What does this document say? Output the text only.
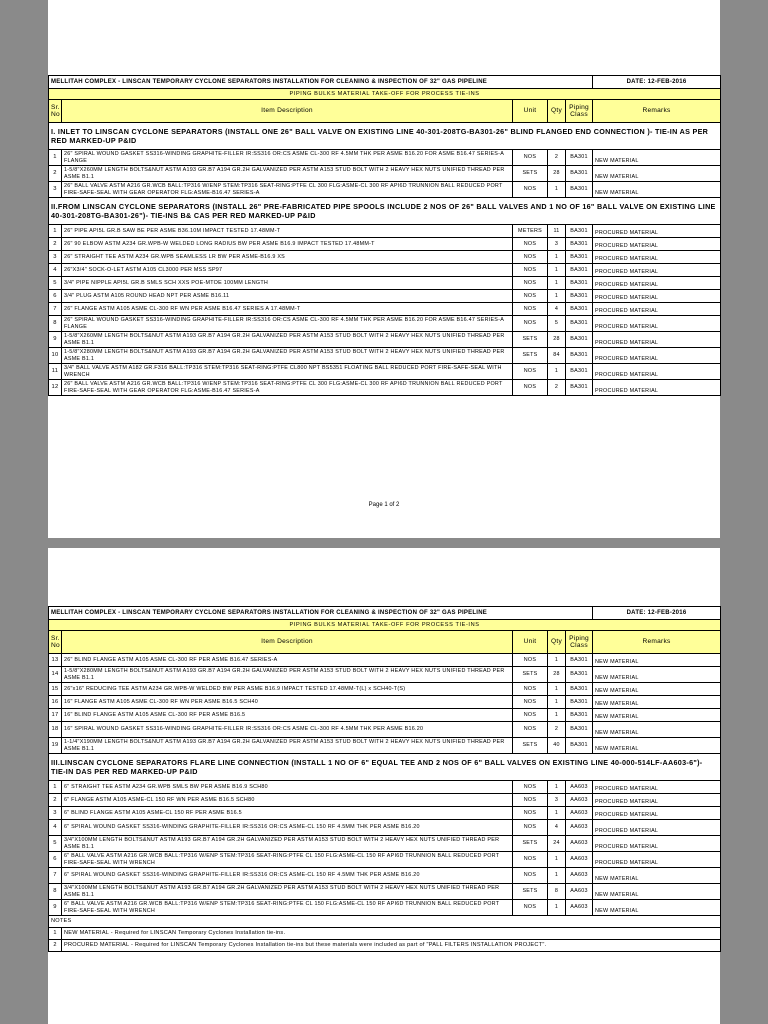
MELLITAH COMPLEX - LINSCAN TEMPORARY CYCLONE SEPARATORS INSTALLATION FOR CLEANING & INSPECTION OF 32" GAS PIPELINE					DATE: 12-FEB-2016
PIPING BULKS MATERIAL TAKE-OFF FOR PROCESS TIE-INS					
Sr. No	Item Description	Unit	Qty	Piping Class	Remarks
I. INLET TO LINSCAN CYCLONE SEPARATORS (INSTALL ONE 26" BALL VALVE ON EXISTING LINE 40-301-208TG-BA301-26" BLIND FLANGED END CONNECTION )- TIE-IN AS PER RED MARKED-UP P&ID					
1	26" SPIRAL WOUND GASKET SS316-WINDING GRAPHITE-FILLER IR:SS316 OR:CS ASME CL-300 RF 4.5MM THK PER ASME B16.20 FOR ASME B16.47 SERIES-A FLANGE	NOS	2	BA301	NEW MATERIAL
2	1-5/8"X260MM LENGTH BOLTS&NUT ASTM A193 GR.B7 A194 GR.2H GALVANIZED PER ASTM A153 STUD BOLT WITH 2 HEAVY HEX NUTS UNIFIED THREAD PER ASME B1.1	SETS	28	BA301	NEW MATERIAL
3	26" BALL VALVE ASTM A216 GR.WCB BALL:TP316 W/ENP STEM:TP316 SEAT-RING:PTFE CL 300 FLG:ASME-CL 300 RF API6D TRUNNION BALL REDUCED PORT FIRE-SAFE-SEAL WITH GEAR OPERATOR FLG:ASME-B16.47 SERIES-A	NOS	1	BA301	NEW MATERIAL
II.FROM LINSCAN CYCLONE SEPARATORS (INSTALL 26" PRE-FABRICATED PIPE SPOOLS INCLUDE 2 NOS OF 26" BALL VALVES AND 1 NO OF 16" BALL VALVE ON EXISTING LINE 40-301-208TG-BA301-26")- TIE-INS B& CAS PER RED MARKED-UP P&ID					
1	26" PIPE API5L GR.B SAW BE PER ASME B36.10M IMPACT TESTED 17.48MM-T	METERS	11	BA301	PROCURED MATERIAL
2	26" 90 ELBOW ASTM A234 GR.WPB-W WELDED LONG RADIUS BW PER ASME B16.9 IMPACT TESTED 17.48MM-T	NOS	3	BA301	PROCURED MATERIAL
3	26" STRAIGHT TEE ASTM A234 GR.WPB SEAMLESS LR BW PER ASME-B16.9 XS	NOS	1	BA301	PROCURED MATERIAL
4	26"X3/4" SOCK-O-LET ASTM A105 CL3000 PER MSS SP97	NOS	1	BA301	PROCURED MATERIAL
5	3/4" PIPE NIPPLE API5L GR.B SMLS SCH XXS POE-MTOE 100MM LENGTH	NOS	1	BA301	PROCURED MATERIAL
6	3/4" PLUG ASTM A105 ROUND HEAD NPT PER ASME B16.11	NOS	1	BA301	PROCURED MATERIAL
7	26" FLANGE ASTM A105 ASME CL-300 RF WN PER ASME B16.47 SERIES A 17.48MM-T	NOS	4	BA301	PROCURED MATERIAL
8	26" SPIRAL WOUND GASKET SS316-WINDING GRAPHITE-FILLER IR:SS316 OR:CS ASME CL-300 RF 4.5MM THK PER ASME B16.20 FOR ASME B16.47 SERIES-A FLANGE	NOS	5	BA301	PROCURED MATERIAL
9	1-5/8"X260MM LENGTH BOLTS&NUT ASTM A193 GR.B7 A194 GR.2H GALVANIZED PER ASTM A153 STUD BOLT WITH 2 HEAVY HEX NUTS UNIFIED THREAD PER ASME B1.1	SETS	28	BA301	PROCURED MATERIAL
10	1-5/8"X280MM LENGTH BOLTS&NUT ASTM A193 GR.B7 A194 GR.2H GALVANIZED PER ASTM A153 STUD BOLT WITH 2 HEAVY HEX NUTS UNIFIED THREAD PER ASME B1.1	SETS	84	BA301	PROCURED MATERIAL
11	3/4" BALL VALVE ASTM A182 GR.F316 BALL:TP316 STEM:TP316 SEAT-RING:PTFE CL800 NPT BS5351 FLOATING BALL REDUCED PORT FIRE-SAFE-SEAL WITH WRENCH	NOS	1	BA301	PROCURED MATERIAL
12	26" BALL VALVE ASTM A216 GR.WCB BALL:TP316 W/ENP STEM:TP316 SEAT-RING:PTFE CL 300 FLG:ASME-CL 300 RF API6D TRUNNION BALL REDUCED PORT FIRE-SAFE-SEAL WITH GEAR OPERATOR FLG:ASME-B16.47 SERIES-A	NOS	2	BA301	PROCURED MATERIAL
Page 1 of 2
MELLITAH COMPLEX - LINSCAN TEMPORARY CYCLONE SEPARATORS INSTALLATION FOR CLEANING & INSPECTION OF 32" GAS PIPELINE					DATE: 12-FEB-2016
PIPING BULKS MATERIAL TAKE-OFF FOR PROCESS TIE-INS					
Sr. No	Item Description	Unit	Qty	Piping Class	Remarks
13	26" BLIND FLANGE ASTM A105 ASME CL-300 RF PER ASME B16.47 SERIES-A	NOS	1	BA301	NEW MATERIAL
14	1-5/8"X280MM LENGTH BOLTS&NUT ASTM A193 GR.B7 A194 GR.2H GALVANIZED PER ASTM A153 STUD BOLT WITH 2 HEAVY HEX NUTS UNIFIED THREAD PER ASME B1.1	SETS	28	BA301	NEW MATERIAL
15	26"x16" REDUCING TEE ASTM A234 GR.WPB-W WELDED BW PER ASME B16.9 IMPACT TESTED 17.48MM-T(L) x SCH40-T(S)	NOS	1	BA301	NEW MATERIAL
16	16" FLANGE ASTM A105 ASME CL-300 RF WN PER ASME B16.5 SCH40	NOS	1	BA301	NEW MATERIAL
17	16" BLIND FLANGE ASTM A105 ASME CL-300 RF PER ASME B16.5	NOS	1	BA301	NEW MATERIAL
18	16" SPIRAL WOUND GASKET SS316-WINDING GRAPHITE-FILLER IR:SS316 OR:CS ASME CL-300 RF 4.5MM THK PER ASME B16.20	NOS	2	BA301	NEW MATERIAL
19	1-1/4"X190MM LENGTH BOLTS&NUT ASTM A193 GR.B7 A194 GR.2H GALVANIZED PER ASTM A153 STUD BOLT WITH 2 HEAVY HEX NUTS UNIFIED THREAD PER ASME B1.1	SETS	40	BA301	NEW MATERIAL
III.LINSCAN CYCLONE SEPARATORS FLARE LINE CONNECTION (INSTALL 1 NO OF 6" EQUAL TEE AND 2 NOS OF 6" BALL VALVES ON EXISTING LINE 40-000-514LF-AA603-6")- TIE-IN DAS PER RED MARKED-UP P&ID					
1	6" STRAIGHT TEE ASTM A234 GR.WPB SMLS BW PER ASME B16.9 SCH80	NOS	1	AA603	PROCURED MATERIAL
2	6" FLANGE ASTM A105 ASME-CL 150 RF WN PER ASME B16.5 SCH80	NOS	3	AA603	PROCURED MATERIAL
3	6" BLIND FLANGE ASTM A105 ASME-CL 150 RF PER ASME B16.5	NOS	1	AA603	PROCURED MATERIAL
4	6" SPIRAL WOUND GASKET SS316-WINDING GRAPHITE-FILLER IR:SS316 OR:CS ASME-CL 150 RF 4.5MM THK PER ASME B16.20	NOS	4	AA603	PROCURED MATERIAL
5	3/4"X100MM LENGTH BOLTS&NUT ASTM A193 GR.B7 A194 GR.2H GALVANIZED PER ASTM A153 STUD BOLT WITH 2 HEAVY HEX NUTS UNIFIED THREAD PER ASME B1.1	SETS	24	AA603	PROCURED MATERIAL
6	6" BALL VALVE ASTM A216 GR.WCB BALL:TP316 W/ENP STEM:TP316 SEAT-RING:PTFE CL 150 FLG:ASME-CL 150 RF API6D TRUNNION BALL REDUCED PORT FIRE-SAFE-SEAL WITH WRENCH	NOS	1	AA603	PROCURED MATERIAL
7	6" SPIRAL WOUND GASKET SS316-WINDING GRAPHITE-FILLER IR:SS316 OR:CS ASME-CL 150 RF 4.5MM THK PER ASME B16.20	NOS	1	AA603	NEW MATERIAL
8	3/4"X100MM LENGTH BOLTS&NUT ASTM A193 GR.B7 A194 GR.2H GALVANIZED PER ASTM A153 STUD BOLT WITH 2 HEAVY HEX NUTS UNIFIED THREAD PER ASME B1.1	SETS	8	AA603	NEW MATERIAL
9	6" BALL VALVE ASTM A216 GR.WCB BALL:TP316 W/ENP STEM:TP316 SEAT-RING:PTFE CL 150 FLG:ASME-CL 150 RF API6D TRUNNION BALL REDUCED PORT FIRE-SAFE-SEAL WITH WRENCH	NOS	1	AA603	NEW MATERIAL
NOTES					
1	NEW MATERIAL - Required for LINSCAN Temporary Cyclones Installation tie-ins.				
2	PROCURED MATERIAL - Required for LINSCAN Temporary Cyclones Installation tie-ins but these materials were included as part of "PALL FILTERS INSTALLATION PROJECT".				
